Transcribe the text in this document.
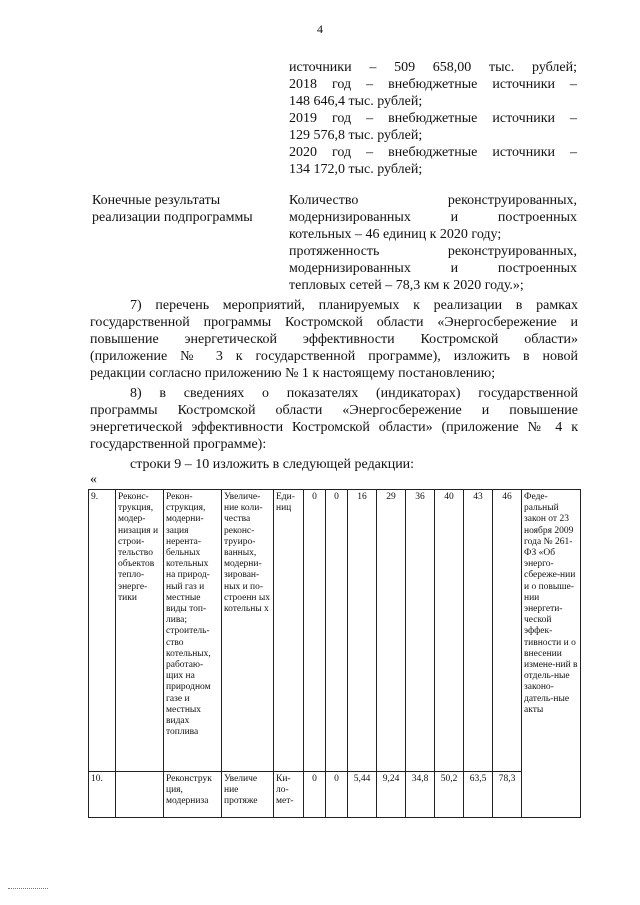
4
источники – 509 658,00 тыс. рублей;
2018 год – внебюджетные источники –
148 646,4 тыс. рублей;
2019 год – внебюджетные источники –
129 576,8 тыс. рублей;
2020 год – внебюджетные источники –
134 172,0 тыс. рублей;
Конечные результаты
реализации подпрограммы
Количество реконструированных,
модернизированных и построенных
котельных – 46 единиц к 2020 году;
протяженность реконструированных,
модернизированных и построенных
тепловых сетей – 78,3 км к 2020 году.»;
7) перечень мероприятий, планируемых к реализации в рамках
государственной программы Костромской области «Энергосбережение и
повышение энергетической эффективности Костромской области»
(приложение № 3 к государственной программе), изложить в новой
редакции согласно приложению № 1 к настоящему постановлению;
8) в сведениях о показателях (индикаторах) государственной
программы Костромской области «Энергосбережение и повышение
энергетической эффективности Костромской области» (приложение № 4 к
государственной программе):
строки 9 – 10 изложить в следующей редакции:
«
9.	Реконс-трукция, модер-низация и строи-тельство объектов тепло-энерге-тики	Рекон-струкция, модерни-зация нерента-бельных котельных на природ-ный газ и местные виды топ-лива; строитель-ство котельных, работаю-щих на природном газе и местных видах топлива	Увеличе-ние коли-чества реконс-труиро-ванных, модерни-зирован-ных и по-строенн ых котельны х	Еди-ниц	0	0	16	29	36	40	43	46	Феде-ральный закон от 23 ноября 2009 года № 261-ФЗ «Об энерго-сбереже-нии и о повыше-нии энергети-ческой эффек-тивности и о внесении измене-ний в отдель-ные законо-датель-ные акты
10.		Реконструк ция, модерниза	Увеличе ние протяже	Ки-ло-мет-	0	0	5,44	9,24	34,8	50,2	63,5	78,3	
